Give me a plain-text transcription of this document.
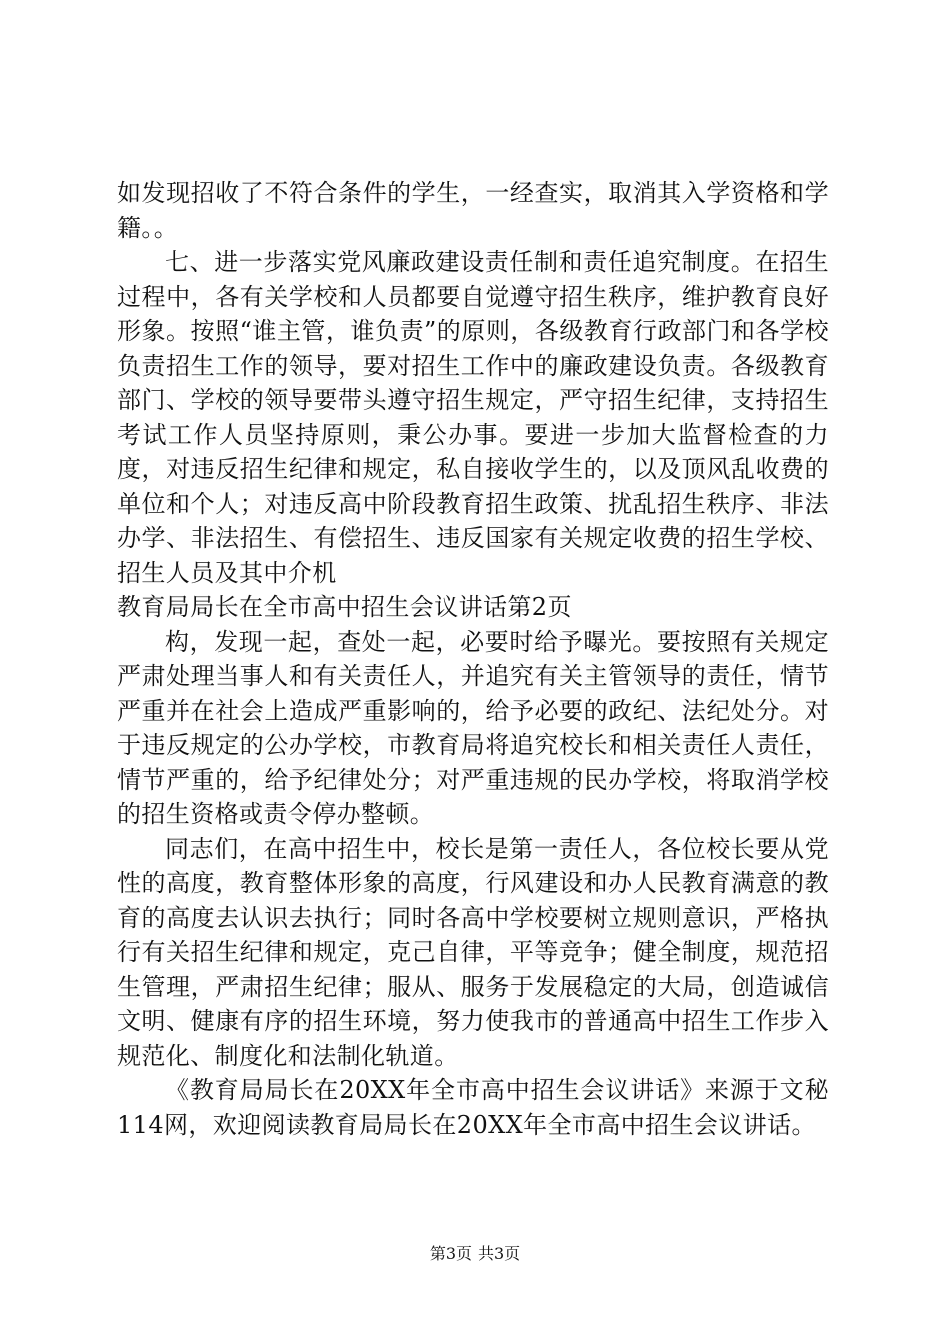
如发现招收了不符合条件的学生，一经查实，取消其入学资格和学籍。。

七、进一步落实党风廉政建设责任制和责任追究制度。在招生过程中，各有关学校和人员都要自觉遵守招生秩序，维护教育良好形象。按照“谁主管，谁负责”的原则，各级教育行政部门和各学校负责招生工作的领导，要对招生工作中的廉政建设负责。各级教育部门、学校的领导要带头遵守招生规定，严守招生纪律，支持招生考试工作人员坚持原则，秉公办事。要进一步加大监督检查的力度，对违反招生纪律和规定，私自接收学生的，以及顶风乱收费的单位和个人；对违反高中阶段教育招生政策、扰乱招生秩序、非法办学、非法招生、有偿招生、违反国家有关规定收费的招生学校、招生人员及其中介机

教育局局长在全市高中招生会议讲话第2页

构，发现一起，查处一起，必要时给予曝光。要按照有关规定严肃处理当事人和有关责任人，并追究有关主管领导的责任，情节严重并在社会上造成严重影响的，给予必要的政纪、法纪处分。对于违反规定的公办学校，市教育局将追究校长和相关责任人责任，情节严重的，给予纪律处分；对严重违规的民办学校，将取消学校的招生资格或责令停办整顿。

同志们，在高中招生中，校长是第一责任人，各位校长要从党性的高度，教育整体形象的高度，行风建设和办人民教育满意的教育的高度去认识去执行；同时各高中学校要树立规则意识，严格执行有关招生纪律和规定，克己自律，平等竞争；健全制度，规范招生管理，严肃招生纪律；服从、服务于发展稳定的大局，创造诚信文明、健康有序的招生环境，努力使我市的普通高中招生工作步入规范化、制度化和法制化轨道。

《教育局局长在20XX年全市高中招生会议讲话》来源于文秘114网，欢迎阅读教育局局长在20XX年全市高中招生会议讲话。

第3页 共3页
